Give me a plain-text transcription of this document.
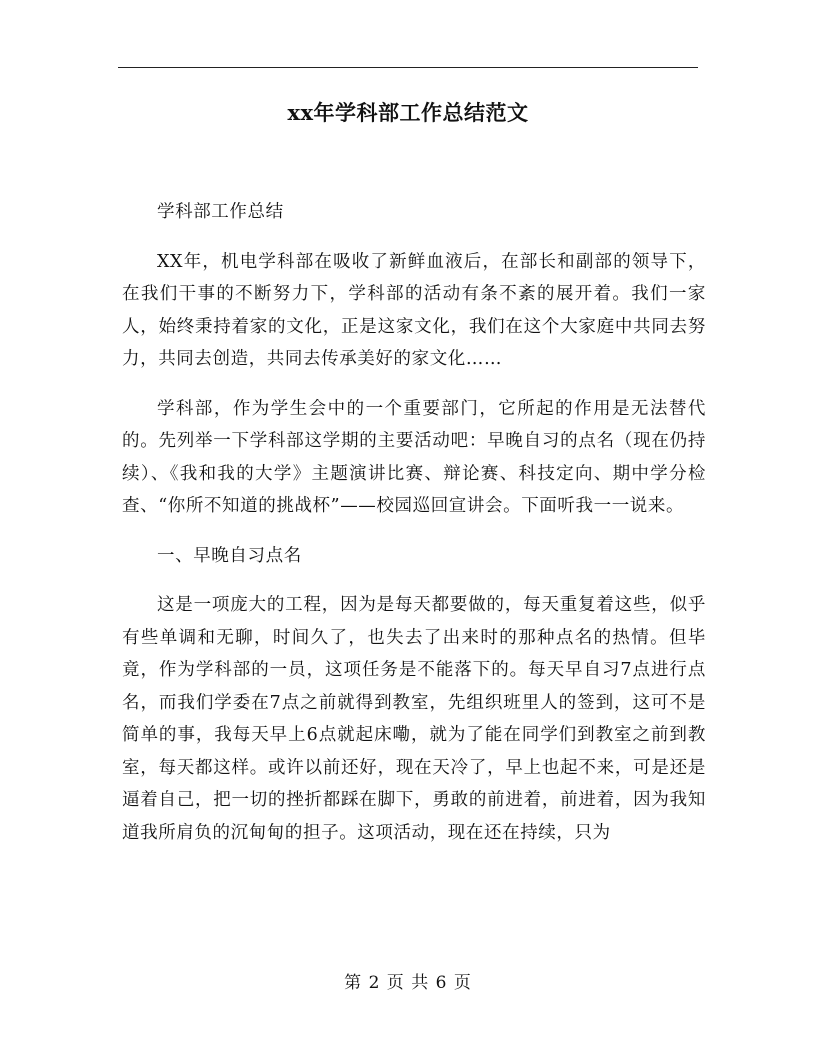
xx年学科部工作总结范文

学科部工作总结

XX年，机电学科部在吸收了新鲜血液后，在部长和副部的领导下，在我们干事的不断努力下，学科部的活动有条不紊的展开着。我们一家人，始终秉持着家的文化，正是这家文化，我们在这个大家庭中共同去努力，共同去创造，共同去传承美好的家文化……

学科部，作为学生会中的一个重要部门，它所起的作用是无法替代的。先列举一下学科部这学期的主要活动吧：早晚自习的点名（现在仍持续）、《我和我的大学》主题演讲比赛、辩论赛、科技定向、期中学分检查、“你所不知道的挑战杯”——校园巡回宣讲会。下面听我一一说来。

一、早晚自习点名

这是一项庞大的工程，因为是每天都要做的，每天重复着这些，似乎有些单调和无聊，时间久了，也失去了出来时的那种点名的热情。但毕竟，作为学科部的一员，这项任务是不能落下的。每天早自习7点进行点名，而我们学委在7点之前就得到教室，先组织班里人的签到，这可不是简单的事，我每天早上6点就起床嘞，就为了能在同学们到教室之前到教室，每天都这样。或许以前还好，现在天冷了，早上也起不来，可是还是逼着自己，把一切的挫折都踩在脚下，勇敢的前进着，前进着，因为我知道我所肩负的沉甸甸的担子。这项活动，现在还在持续，只为

第 2 页 共 6 页
